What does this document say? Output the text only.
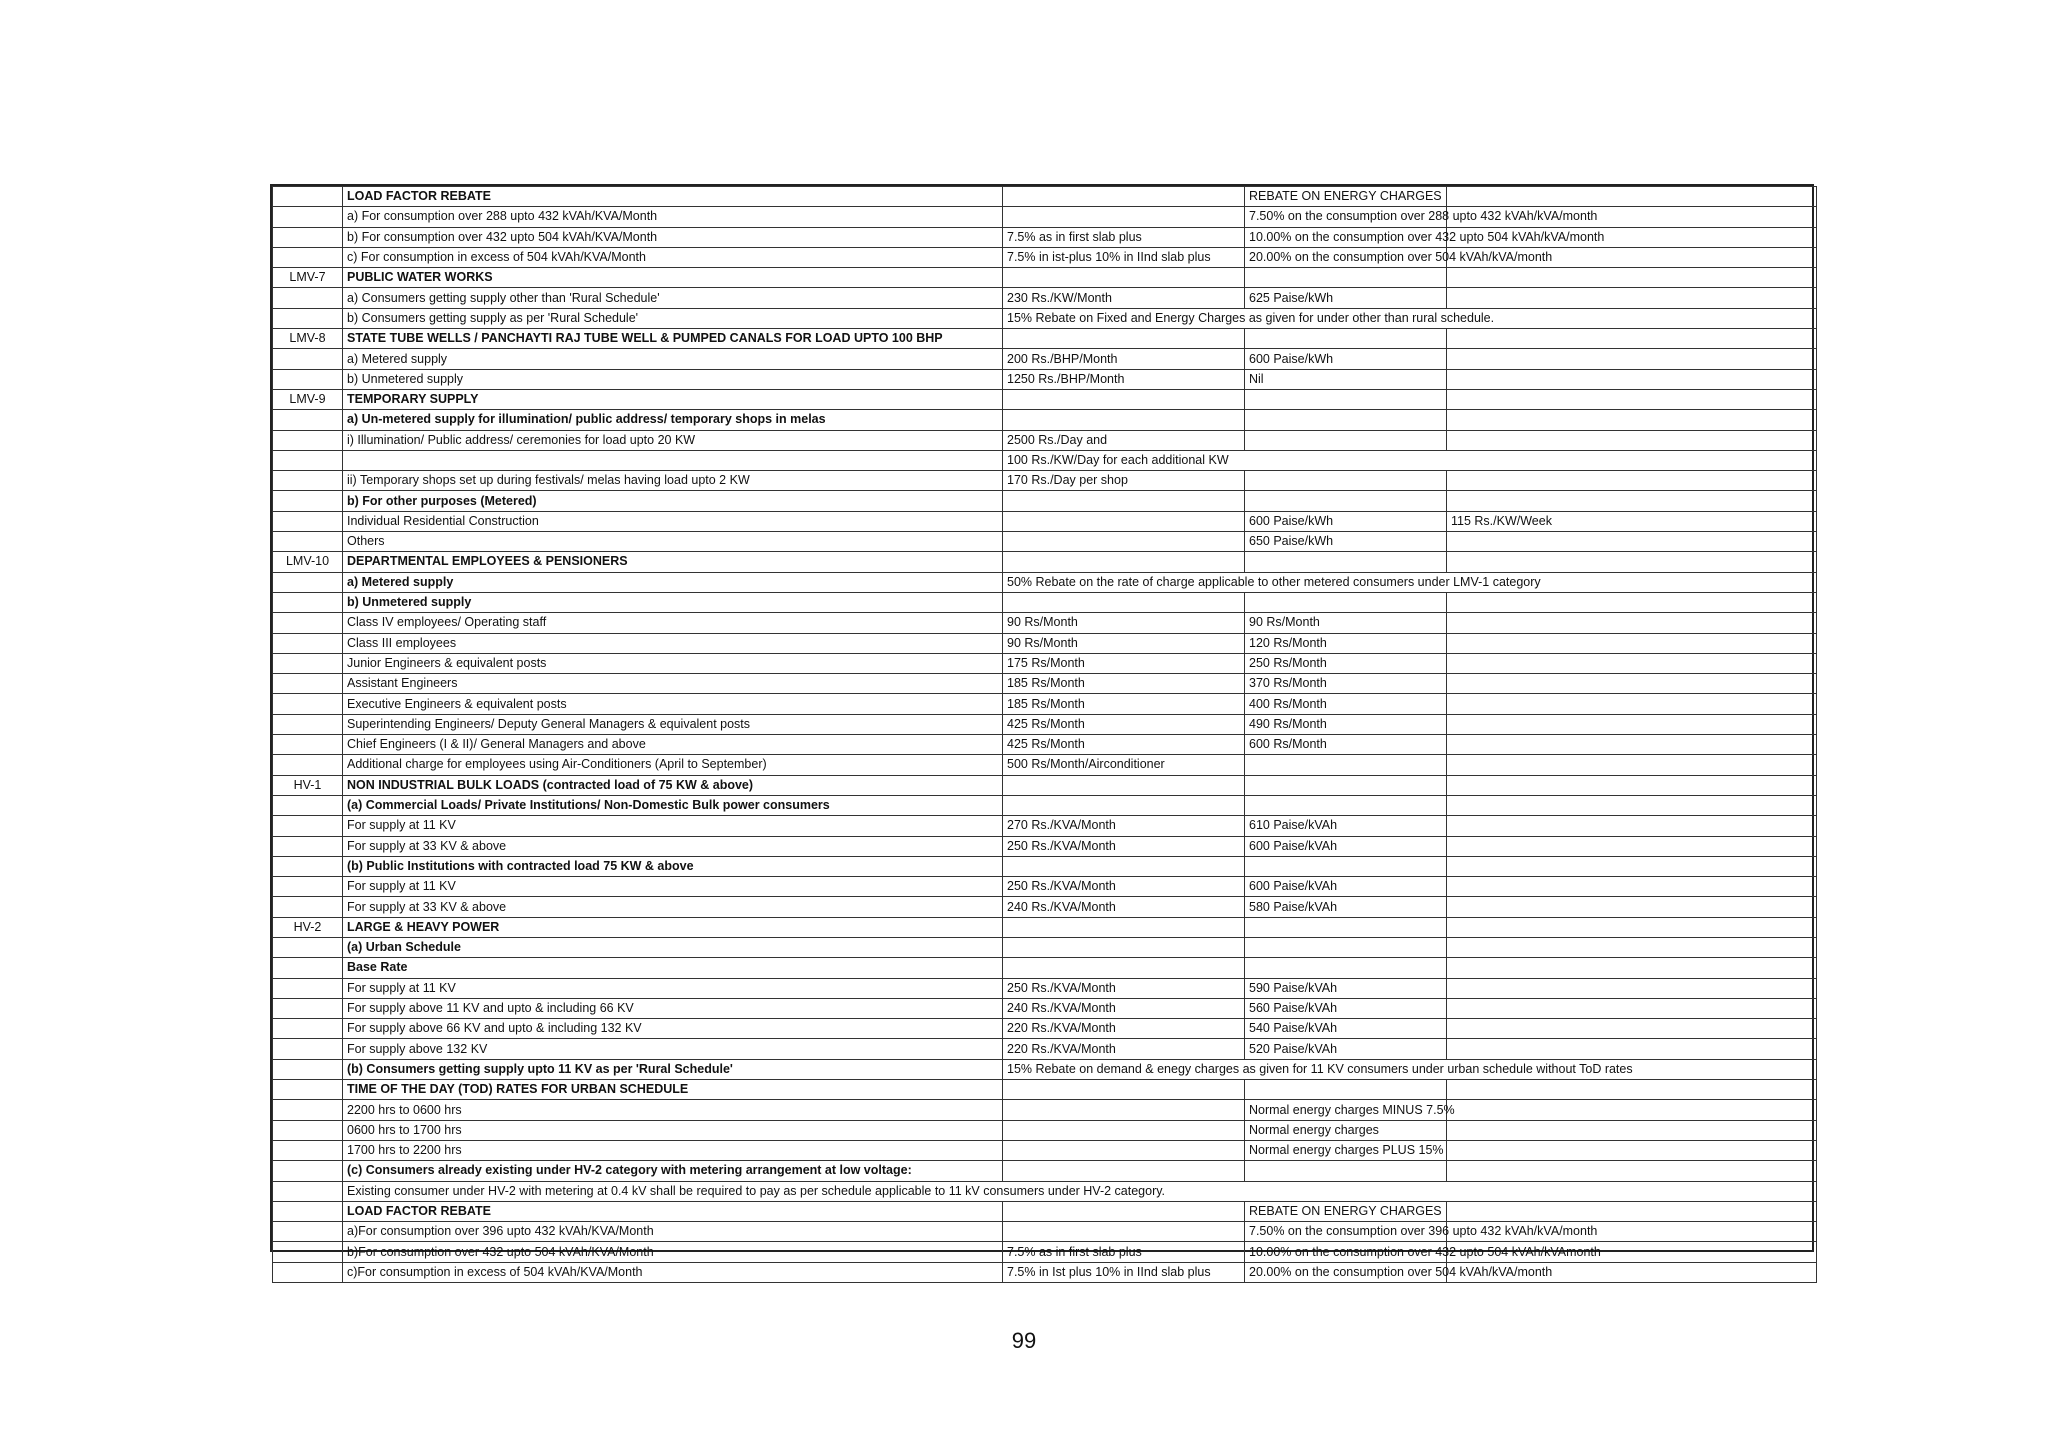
	LOAD FACTOR REBATE		REBATE ON ENERGY CHARGES	
	a) For consumption over 288 upto 432 kVAh/KVA/Month		7.50% on the consumption over 288 upto 432 kVAh/kVA/month	
	b) For consumption over 432 upto 504 kVAh/KVA/Month	7.5% as in first slab plus	10.00% on the consumption over 432 upto 504 kVAh/kVA/month	
	c) For consumption in excess of 504 kVAh/KVA/Month	7.5% in ist-plus 10% in IInd slab plus	20.00% on the consumption over 504 kVAh/kVA/month	
LMV-7	PUBLIC WATER WORKS			
	a) Consumers getting supply other than 'Rural Schedule'	230 Rs./KW/Month	625 Paise/kWh	
	b) Consumers getting supply as per 'Rural Schedule'	15% Rebate on Fixed and Energy Charges as given for under other than rural schedule.		
LMV-8	STATE TUBE WELLS / PANCHAYTI RAJ TUBE WELL & PUMPED CANALS FOR LOAD UPTO 100 BHP			
	a) Metered supply	200 Rs./BHP/Month	600 Paise/kWh	
	b) Unmetered supply	1250 Rs./BHP/Month	Nil	
LMV-9	TEMPORARY SUPPLY			
	a) Un-metered supply for illumination/ public address/ temporary shops in melas			
	i) Illumination/ Public address/ ceremonies for load upto 20 KW	2500 Rs./Day and		
		100 Rs./KW/Day for each additional KW		
	ii) Temporary shops set up during festivals/ melas having load upto 2 KW	170 Rs./Day per shop		
	b) For other purposes (Metered)			
	Individual Residential Construction		600 Paise/kWh	115 Rs./KW/Week
	Others		650 Paise/kWh	
LMV-10	DEPARTMENTAL EMPLOYEES & PENSIONERS			
	a) Metered supply	50% Rebate on the rate of charge applicable to other metered consumers under LMV-1 category		
	b) Unmetered supply			
	Class IV employees/ Operating staff	90 Rs/Month	90 Rs/Month	
	Class III employees	90 Rs/Month	120 Rs/Month	
	Junior Engineers & equivalent posts	175 Rs/Month	250 Rs/Month	
	Assistant Engineers	185 Rs/Month	370 Rs/Month	
	Executive Engineers & equivalent posts	185 Rs/Month	400 Rs/Month	
	Superintending Engineers/ Deputy General Managers & equivalent posts	425 Rs/Month	490 Rs/Month	
	Chief Engineers (I & II)/ General Managers and above	425 Rs/Month	600 Rs/Month	
	Additional charge for employees using Air-Conditioners (April to September)	500 Rs/Month/Airconditioner		
HV-1	NON INDUSTRIAL BULK LOADS (contracted load of 75 KW & above)			
	(a) Commercial Loads/ Private Institutions/ Non-Domestic Bulk power consumers			
	For supply at 11 KV	270 Rs./KVA/Month	610 Paise/kVAh	
	For supply at 33 KV & above	250 Rs./KVA/Month	600 Paise/kVAh	
	(b) Public Institutions with contracted load 75 KW & above			
	For supply at 11 KV	250 Rs./KVA/Month	600 Paise/kVAh	
	For supply at 33 KV & above	240 Rs./KVA/Month	580 Paise/kVAh	
HV-2	LARGE & HEAVY POWER			
	(a) Urban Schedule			
	Base Rate			
	For supply at 11 KV	250 Rs./KVA/Month	590 Paise/kVAh	
	For supply above 11 KV and upto & including 66 KV	240 Rs./KVA/Month	560 Paise/kVAh	
	For supply above 66 KV and upto & including 132 KV	220 Rs./KVA/Month	540 Paise/kVAh	
	For supply above 132 KV	220 Rs./KVA/Month	520 Paise/kVAh	
	(b) Consumers getting supply upto 11 KV as per 'Rural Schedule'	15% Rebate on demand & enegy charges as given for 11 KV consumers under urban schedule without ToD rates		
	TIME OF THE DAY (TOD) RATES FOR URBAN SCHEDULE			
	2200 hrs to 0600 hrs		Normal energy charges MINUS 7.5%	
	0600 hrs to 1700 hrs		Normal energy charges	
	1700 hrs to 2200 hrs		Normal energy charges PLUS 15%	
	(c) Consumers already existing under HV-2 category with metering arrangement at low voltage:			
	Existing consumer under HV-2 with metering at 0.4 kV shall be required to pay as per schedule applicable to 11 kV consumers under HV-2 category.			
	LOAD FACTOR REBATE		REBATE ON ENERGY CHARGES	
	a)For consumption over 396 upto 432 kVAh/KVA/Month		7.50% on the consumption over 396 upto 432 kVAh/kVA/month	
	b)For consumption over 432 upto 504 kVAh/KVA/Month	7.5% as in first slab plus	10.00% on the consumption over 432 upto 504 kVAh/kVAmonth	
	c)For consumption in excess of 504 kVAh/KVA/Month	7.5% in Ist plus 10% in IInd slab plus	20.00% on the consumption over 504 kVAh/kVA/month	
99
